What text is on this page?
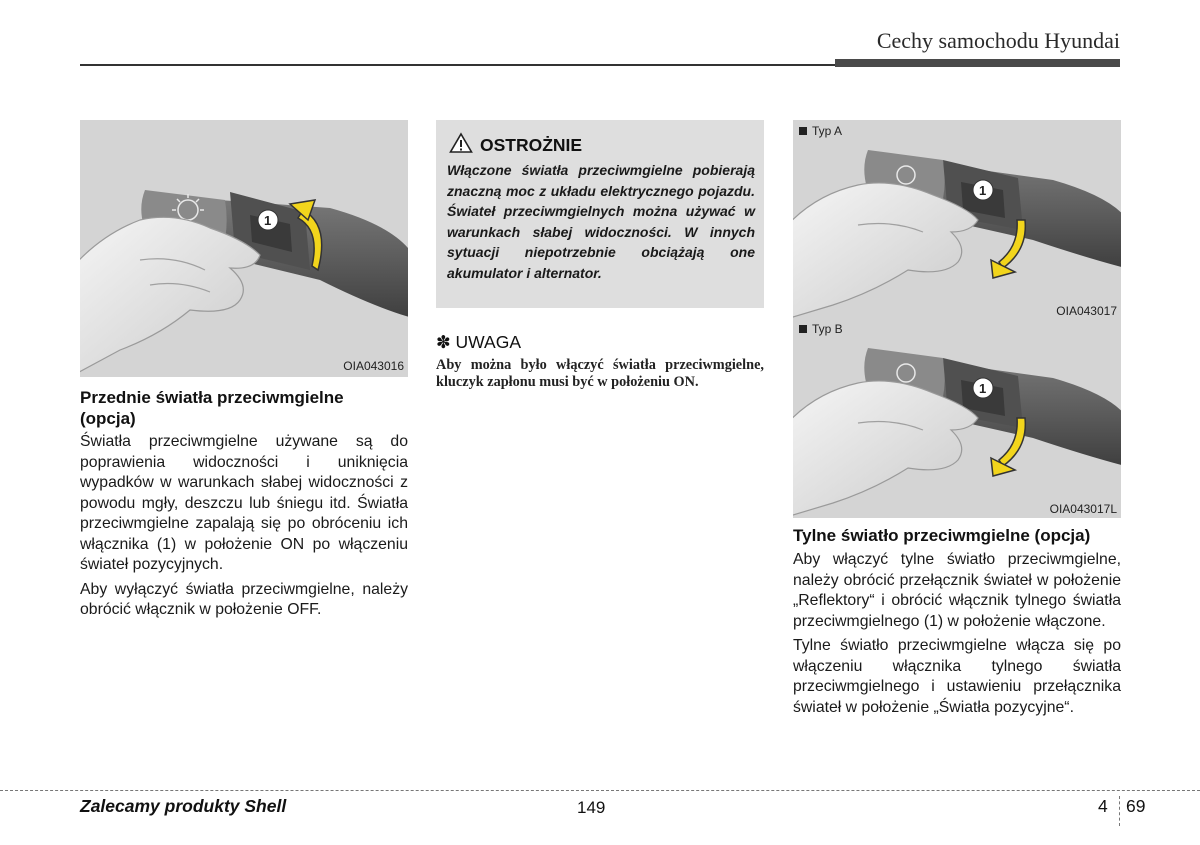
Cechy samochodu Hyundai
1
OIA043016
Przednie światła przeciwmgielne
(opcja)

Światła przeciwmgielne używane są do poprawienia widoczności i uniknięcia wypadków w warunkach słabej widoczności z powodu mgły, deszczu lub śniegu itd. Światła przeciwmgielne zapalają się po obróceniu ich włącznika (1) w położenie ON po włączeniu świateł pozycyjnych.

Aby wyłączyć światła przeciwmgielne, należy obrócić włącznik w położenie OFF.

OSTROŻNIE
Włączone światła przeciwmgielne pobierają znaczną moc z układu elektrycznego pojazdu. Świateł przeciwmgielnych można używać w warunkach słabej widoczności. W innych sytuacji niepotrzebnie obciążają one akumulator i alternator.
✽ UWAGA
Aby można było włączyć światła przeciwmgielne, kluczyk zapłonu musi być w położeniu ON.
Typ A
1
OIA043017
Typ B
1
OIA043017L
Tylne światło przeciwmgielne (opcja)

Aby włączyć tylne światło przeciwmgielne, należy obrócić przełącznik świateł w położenie „Reflektory“ i obrócić włącznik tylnego światła przeciwmgielnego (1) w położenie włączone.

Tylne światło przeciwmgielne włącza się po włączeniu włącznika tylnego światła przeciwmgielnego i ustawieniu przełącznika świateł w położenie „Światła pozycyjne“.

Zalecamy produkty Shell	149	4 69
